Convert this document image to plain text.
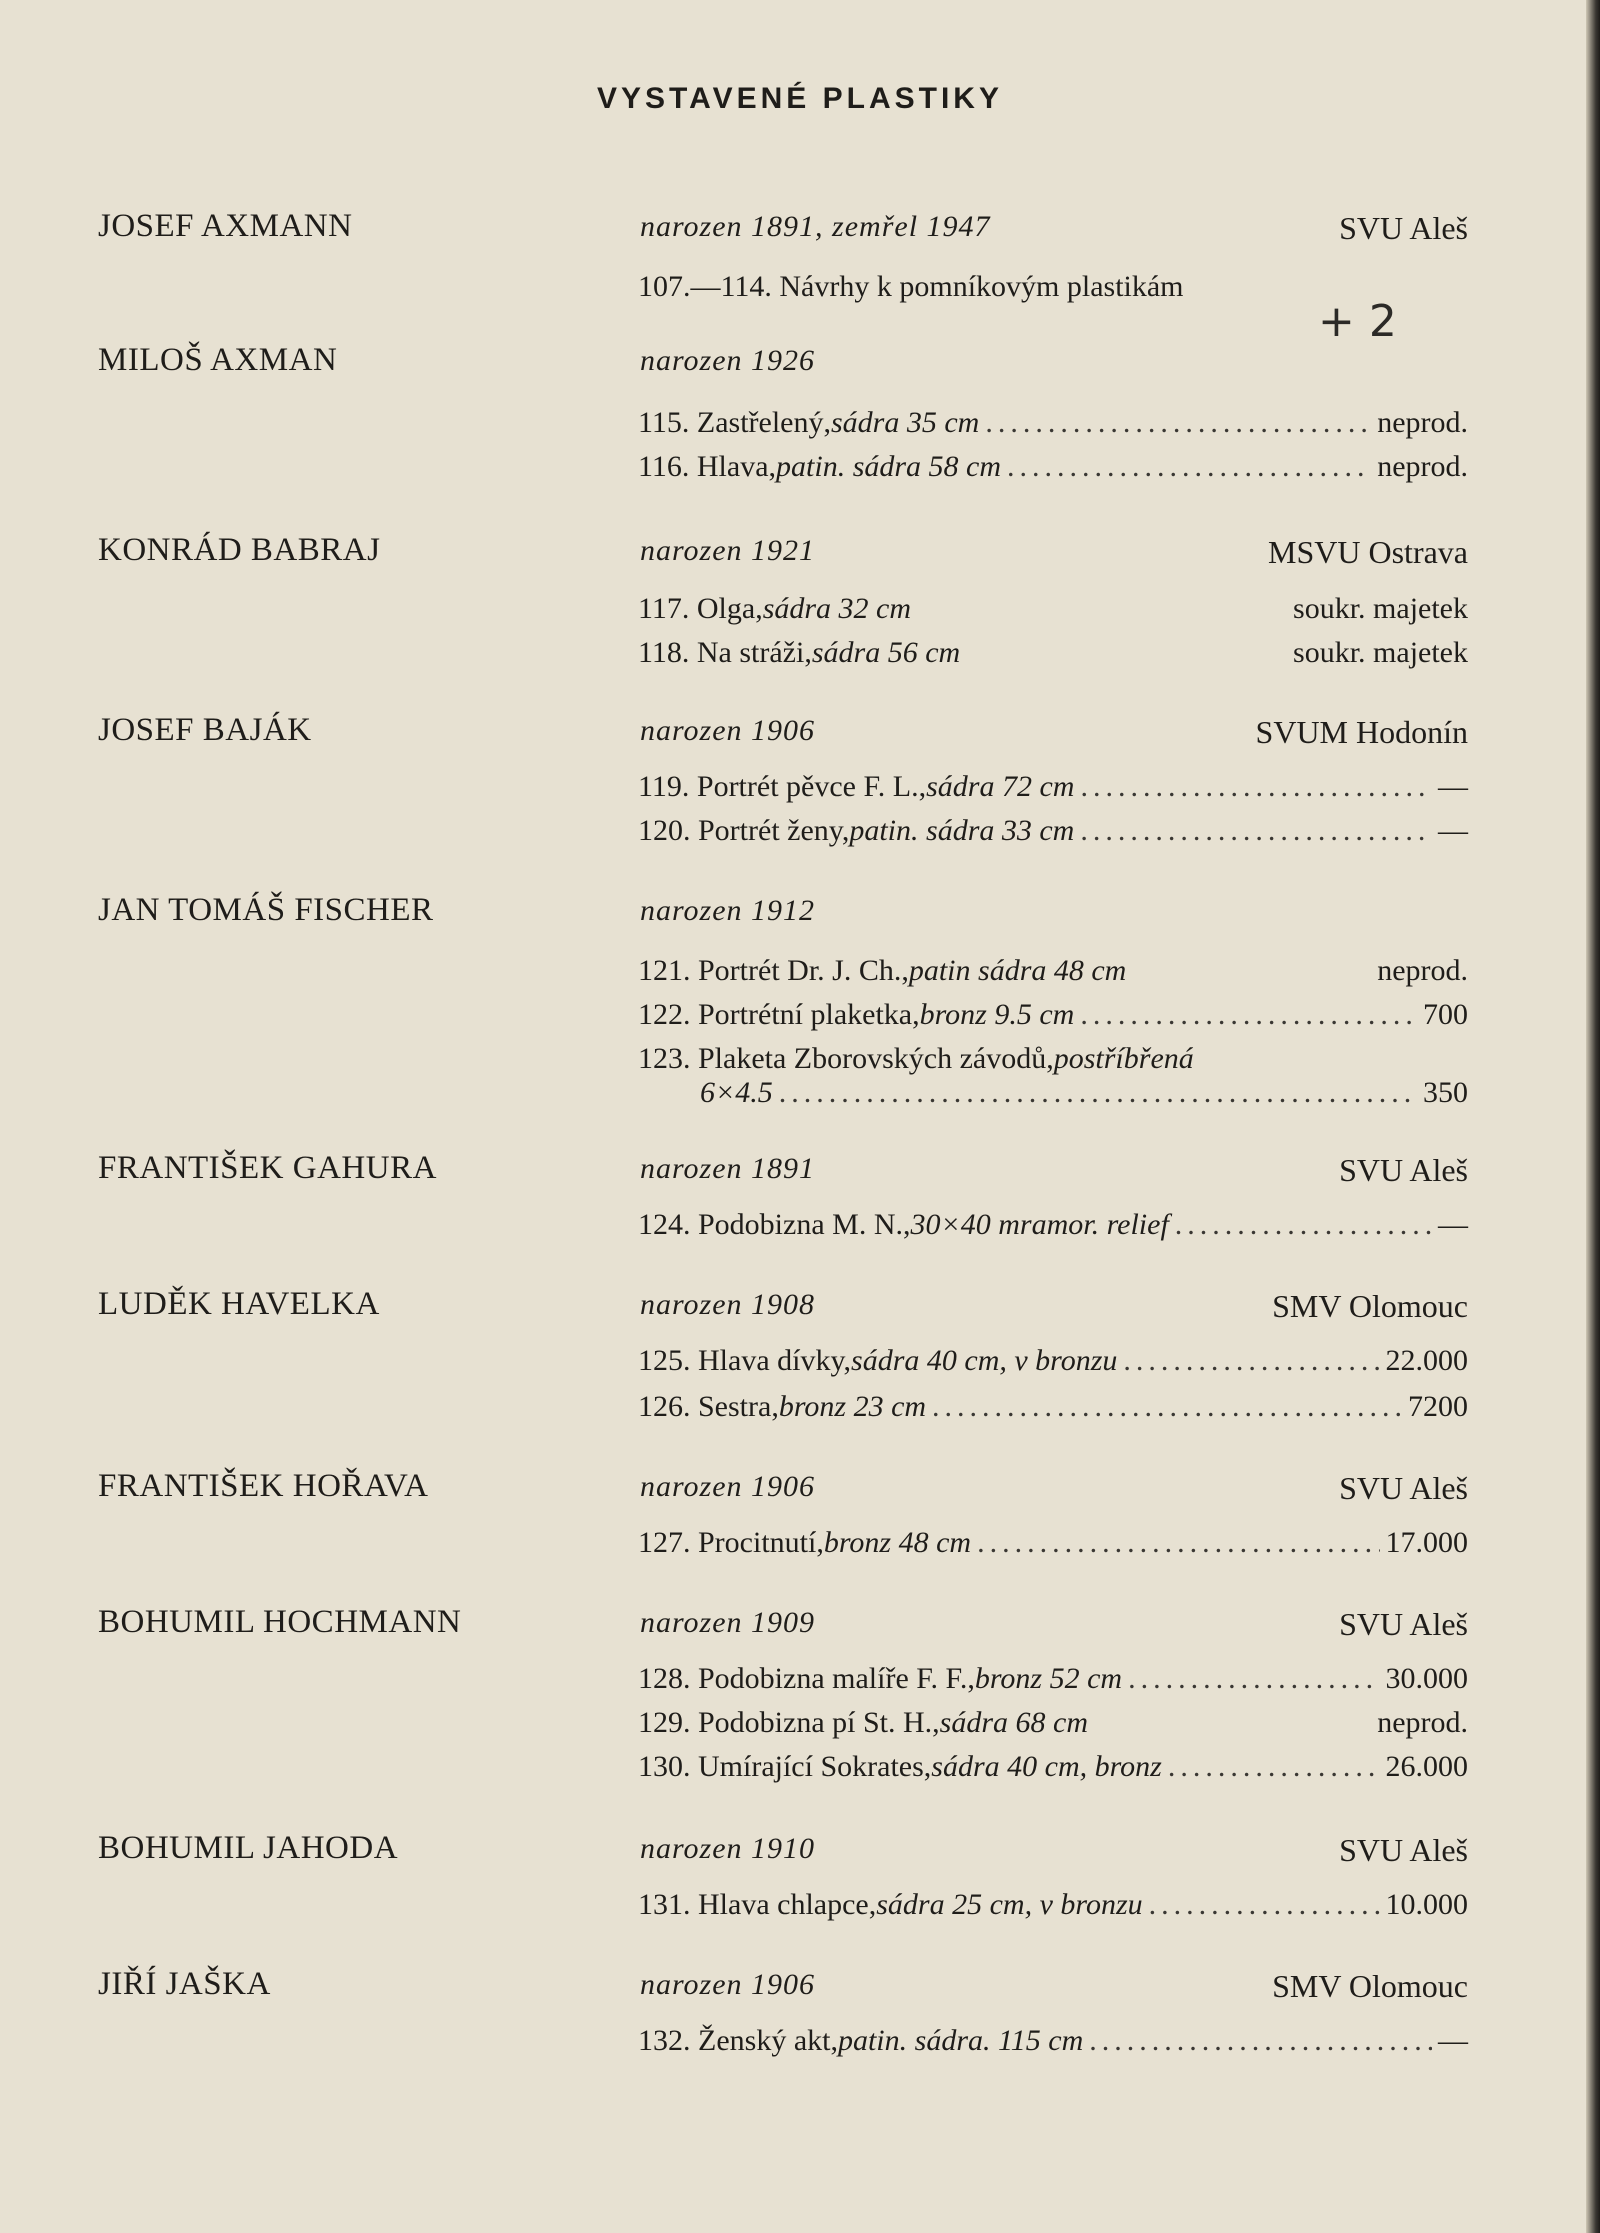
VYSTAVENÉ PLASTIKY
+ 2
JOSEF AXMANN	narozen 1891, zemřel 1947	SVU Aleš
107.—114. Návrhy k pomníkovým plastikám
MILOŠ AXMAN	narozen 1926
115. Zastřelený, sádra 35 cm .....	neprod.
116. Hlava, patin. sádra 58 cm .....	neprod.
KONRÁD BABRAJ	narozen 1921	MSVU Ostrava
117. Olga, sádra 32 cm	soukr. majetek
118. Na stráži, sádra 56 cm	soukr. majetek
JOSEF BAJÁK	narozen 1906	SVUM Hodonín
119. Portrét pěvce F. L., sádra 72 cm .....	—
120. Portrét ženy, patin. sádra 33 cm .....	—
JAN TOMÁŠ FISCHER	narozen 1912
121. Portrét Dr. J. Ch., patin sádra 48 cm	neprod.
122. Portrétní plaketka, bronz 9.5 cm .....	700
123. Plaketa Zborovských závodů, postříbřená
6×4.5 .....	350
FRANTIŠEK GAHURA	narozen 1891	SVU Aleš
124. Podobizna M. N., 30×40 mramor. relief .....	—
LUDĚK HAVELKA	narozen 1908	SMV Olomouc
125. Hlava dívky, sádra 40 cm, v bronzu .....	22.000
126. Sestra, bronz 23 cm .....	7200
FRANTIŠEK HOŘAVA	narozen 1906	SVU Aleš
127. Procitnutí, bronz 48 cm .....	17.000
BOHUMIL HOCHMANN	narozen 1909	SVU Aleš
128. Podobizna malíře F. F., bronz 52 cm .....	30.000
129. Podobizna pí St. H., sádra 68 cm	neprod.
130. Umírající Sokrates, sádra 40 cm, bronz .....	26.000
BOHUMIL JAHODA	narozen 1910	SVU Aleš
131. Hlava chlapce, sádra 25 cm, v bronzu .....	10.000
JIŘÍ JAŠKA	narozen 1906	SMV Olomouc
132. Ženský akt, patin. sádra. 115 cm .....	—
